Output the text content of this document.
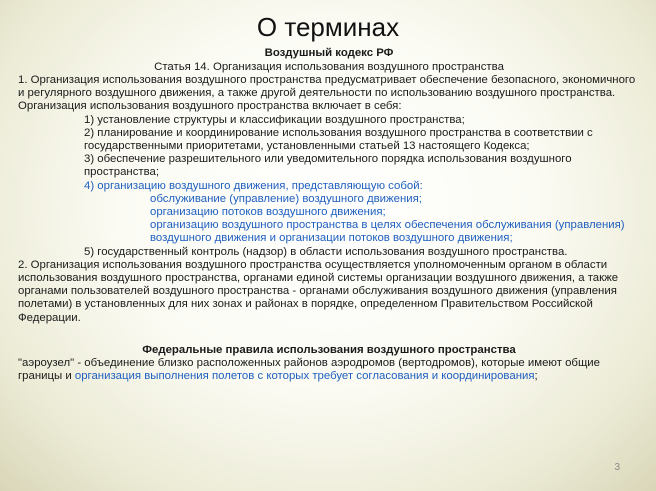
О терминах
Воздушный кодекс РФ
Статья 14. Организация использования воздушного пространства

1. Организация использования воздушного пространства предусматривает обеспечение безопасного, экономичного и регулярного воздушного движения, а также другой деятельности по использованию воздушного пространства. Организация использования воздушного пространства включает в себя:

1) установление структуры и классификации воздушного пространства;

2) планирование и координирование использования воздушного пространства в соответствии с государственными приоритетами, установленными статьей 13 настоящего Кодекса;

3) обеспечение разрешительного или уведомительного порядка использования воздушного пространства;

4) организацию воздушного движения, представляющую собой:

обслуживание (управление) воздушного движения;

организацию потоков воздушного движения;

организацию воздушного пространства в целях обеспечения обслуживания (управления) воздушного движения и организации потоков воздушного движения;

5) государственный контроль (надзор) в области использования воздушного пространства.

2. Организация использования воздушного пространства осуществляется уполномоченным органом в области использования воздушного пространства, органами единой системы организации воздушного движения, а также органами пользователей воздушного пространства - органами обслуживания воздушного движения (управления полетами) в установленных для них зонах и районах в порядке, определенном Правительством Российской Федерации.

Федеральные правила использования воздушного пространства

"аэроузел" - объединение близко расположенных районов аэродромов (вертодромов), которые имеют общие границы и организация выполнения полетов с которых требует согласования и координирования;

3
